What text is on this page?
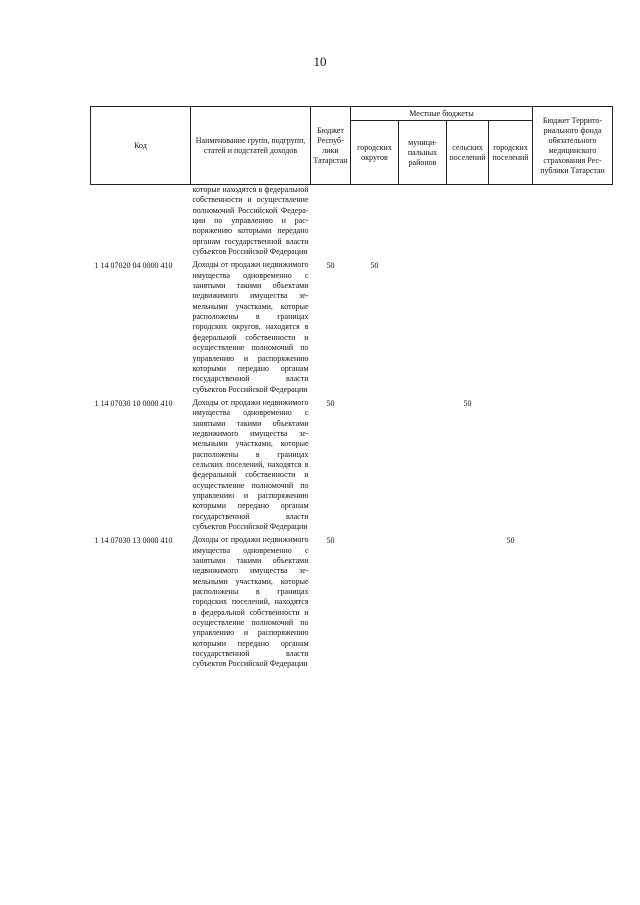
10
Код	Наименование групп, подгрупп, статей и подстатей доходов	Бюджет Республики Татарстан	Местные бюджеты				Бюджет Территориального фонда обязательного медицинского страхования Республики Татарстан
			городских округов	муниципальных районов	сельских поселений	городских поселений	
	которые находятся в федеральной собственности и осуществление полномочий Российской Федерации по управлению и распоряжению которыми передано органам государственной власти субъектов Российской Федерации						

1 14 07020 04 0000 410	Доходы от продажи недвижимого имущества одновременно с занятыми такими объектами недвижимого имущества земельными участками, которые расположены в границах городских округов, находятся в федеральной собственности и осуществление полномочий по управлению и распоряжению которыми передано органам государственной власти субъектов Российской Федерации	50	50				

1 14 07030 10 0000 410	Доходы от продажи недвижимого имущества одновременно с занятыми такими объектами недвижимого имущества земельными участками, которые расположены в границах сельских поселений, находятся в федеральной собственности и осуществление полномочий по управлению и распоряжению которыми передано органам государственной власти субъектов Российской Федерации	50			50		

1 14 07030 13 0000 410	Доходы от продажи недвижимого имущества одновременно с занятыми такими объектами недвижимого имущества земельными участками, которые расположены в границах городских поселений, находятся в федеральной собственности и осуществление полномочий по управлению и распоряжению которыми передано органам государственной власти субъектов Российской Федерации	50				50	
